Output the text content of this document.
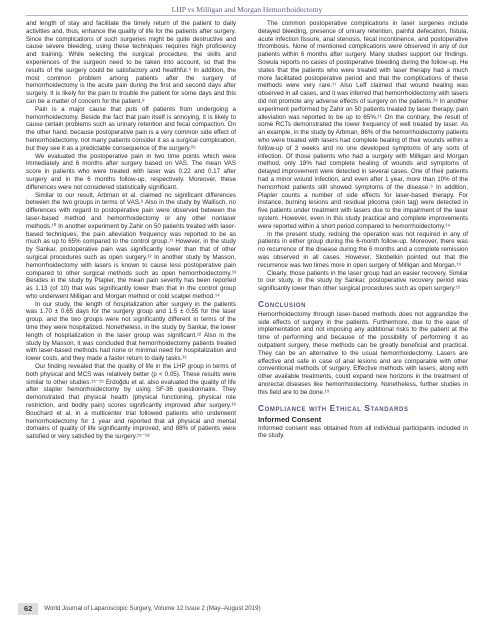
LHP vs Milligan and Morgan Hemorrhoidectomy

and length of stay and facilitate the timely return of the patient to daily activities and, thus, enhance the quality of life for the patients after surgery. Since the complications of such surgeries might be quite destructive and cause severe bleeding, using these techniques requires high proficiency and training. While selecting the surgical procedure, the skills and experiences of the surgeon need to be taken into account, so that the results of the surgery could be satisfactory and healthful.⁹ In addition, the most common problem among patients after the surgery of hemorrhoidectomy is the acute pain during the first and second days after surgery. It is likely for the pain to trouble the patient for some days and this can be a matter of concern for the patient.⁸

Pain is a major cause that puts off patients from undergoing a hemorrhoidectomy. Beside the fact that pain itself is annoying, it is likely to cause certain problems such as urinary retention and fecal compaction. On the other hand, because postoperative pain is a very common side effect of hemorrhoidectomy, not many patients consider it as a surgical complication, but they see it as a predictable consequence of the surgery.²⁹

We evaluated the postoperative pain in two time points which were immediately and 6 months after surgery based on VAS. The mean VAS score in patients who were treated with laser was 0.22 and 0.17 after surgery and in the 6 months follow-up, respectively. Moreover, these differences were not considered statistically significant.

Similar to our result, Arbman et al. claimed no significant differences between the two groups in terms of VAS.⁹ Also in the study by Wallisch, no differences with regard to postoperative pain were observed between the laser-based method and hemorrhoidectomy or any other nonlaser methods.¹⁰ In another experiment by Zahir on 50 patients treated with laser-based techniques, the pain alleviation frequency was reported to be as much as up to 65% compared to the control group.¹¹ However, in the study by Sankar, postoperative pain was significantly lower than that of other surgical procedures such as open surgery.¹² In another study by Masson, hemorrhoidectomy with lasers is known to cause less postoperative pain compared to other surgical methods such as open hemorrhoidectomy.¹³ Besides in the study by Plapler, the mean pain severity has been reported as 1.13 (of 10) that was significantly lower than that in the control group who underwent Milligan and Morgan method or cold scalpel method.¹⁴

In our study, the length of hospitalization after surgery in the patients was 1.70 ± 0.65 days for the surgery group and 1.5 ± 0.55 for the laser group, and the two groups were not significantly different in terms of the time they were hospitalized. Nonetheless, in the study by Sankar, the lower length of hospitalization in the laser group was significant.¹² Also in the study by Masson, it was concluded that hemorrhoidectomy patients treated with laser-based methods had none or minimal need for hospitalization and lower costs, and they made a faster return to daily tasks.¹³

Our finding revealed that the quality of life in the LHP group in terms of both physical and MCS was relatively better (p < 0.05). These results were similar to other studies.¹⁵⁻¹⁹ Erdoğdu et al. also evaluated the quality of life after stapler hemorrhoidectomy by using SF-36 questionnaire. They demonstrated that physical health (physical functioning, physical role restriction, and bodily pain) scores significantly improved after surgery.¹⁶ Bouchard et al. in a multicenter trial followed patients who underwent hemorrhoidectomy for 1 year and reported that all physical and mental domains of quality of life significantly improved, and 88% of patients were satisfied or very satisfied by the surgery.¹⁵⁻¹⁸

The common postoperative complications in laser surgeries include delayed bleeding, presence of urinary retention, painful defecation, fistula, acute infection fissure, anal stenosis, fecal incontinence, and postoperative thrombosis. None of mentioned complications were observed in any of our patients within 6 months after surgery. Many studies support our findings. Sowula reports no cases of postoperative bleeding during the follow-up. He states that the patients who were treated with laser therapy had a much more facilitated postoperative period and that the complications of these methods were very rare.¹⁷ Also Leff claimed that wound healing was observed in all cases, and it was inferred that hemorrhoidectomy with lasers did not promote any adverse effects of surgery on the patients.¹⁸ In another experiment performed by Zahir on 50 patients treated by laser therapy, pain alleviation was reported to be up to 65%.¹¹ On the contrary, the result of some RCTs demonstrated the lower frequency of well treated by laser. As an example, in the study by Arbman, 86% of the hemorrhoidectomy patients who were treated with lasers had complete healing of their wounds within a follow-up of 3 weeks and no one developed symptoms of any sorts of infection. Of those patients who had a surgery with Milligan and Morgan method, only 18% had complete healing of wounds and symptoms of delayed improvement were detected in several cases. One of their patients had a minor wound infection, and even after 1 year, more than 10% of the hemorrhoid patients still showed symptoms of the disease.⁹ In addition, Plapler counts a number of side effects for laser-based therapy. For instance, burning lesions and residual plicoma (skin tag) were detected in five patients under treatment with lasers due to the impairment of the laser system. However, even in this study practical and complete improvements were reported within a short period compared to hemorrhoidectomy.¹⁴

In the present study, redoing the operation was not required in any of patients in either group during the 6-month follow-up. Moreover, there was no recurrence of the disease during the 6 months and a complete remission was observed in all cases. However, Skobelkin pointed out that the recurrence was two times more in open surgery of Milligan and Morgan.¹⁹

Clearly, those patients in the laser group had an easier recovery. Similar to our study, in the study by Sankar, postoperative recovery period was significantly lower than other surgical procedures such as open surgery.¹²

Conclusion

Hemorrhoidectomy through laser-based methods does not aggrandize the side effects of surgery in the patients. Furthermore, due to the ease of implementation and not imposing any additional risks to the patient at the time of performing and because of the possibility of performing it as outpatient surgery, these methods can be greatly beneficial and practical. They can be an alternative to the usual hemorrhoidectomy. Lasers are effective and safe in case of anal lesions and are comparable with other conventional methods of surgery. Effective methods with lasers, along with other available treatments, could expand new horizons in the treatment of anorectal diseases like hemorrhoidectomy. Nonetheless, further studies in this field are to be done.¹⁹

Compliance with Ethical Standards
Informed Consent

Informed consent was obtained from all individual participants included in the study.

62	World Journal of Laparoscopic Surgery, Volume 12 Issue 2 (May–August 2019)
